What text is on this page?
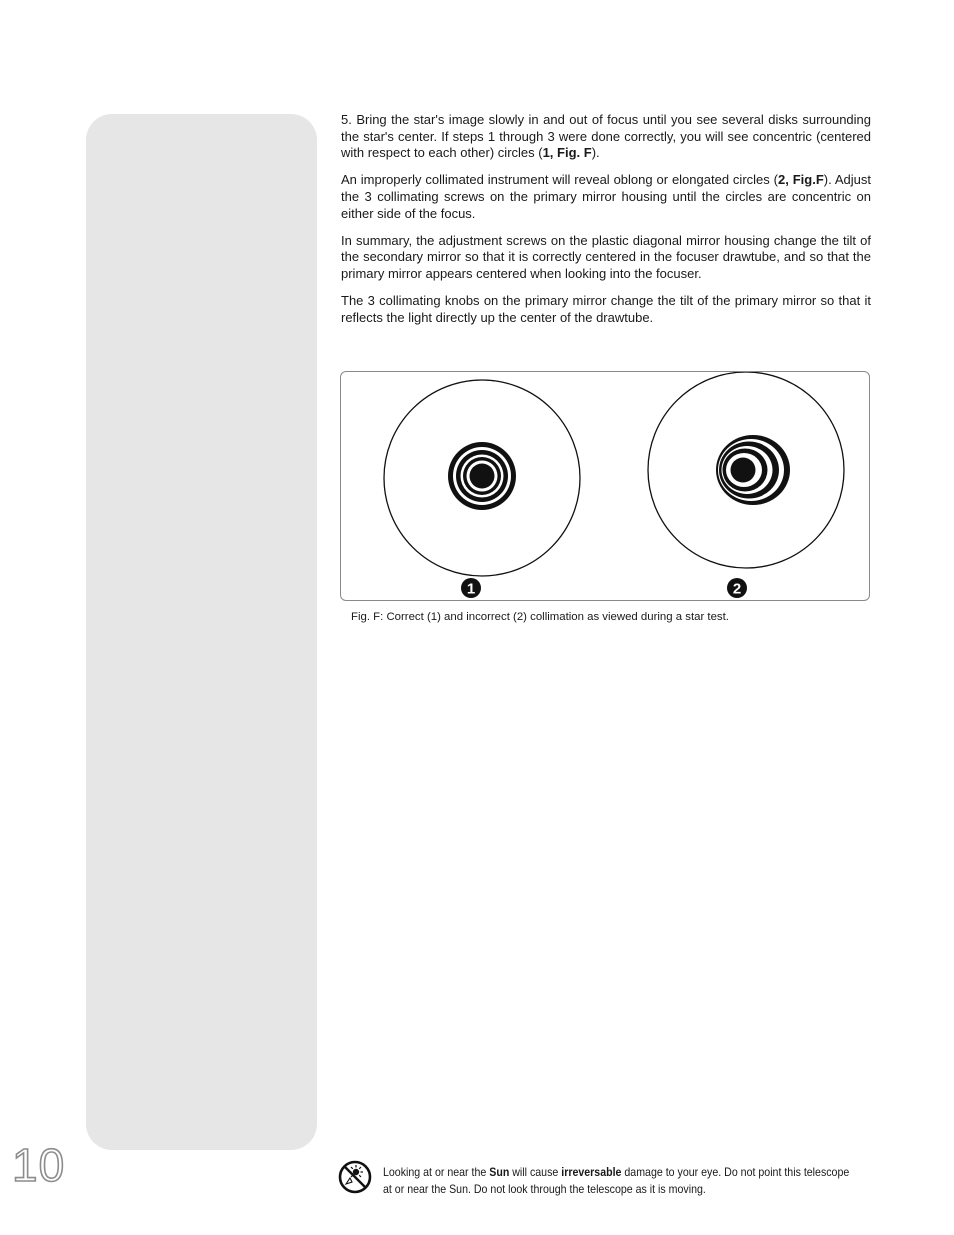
10

5. Bring the star's image slowly in and out of focus until you see several disks surrounding the star's center. If steps 1 through 3 were done correctly, you will see concentric (centered with respect to each other) circles (1, Fig. F).

An improperly collimated instrument will reveal oblong or elongated circles (2, Fig.F). Adjust the 3 collimating screws on the primary mirror housing until the circles are concentric on either side of the focus.

In summary, the adjustment screws on the plastic diagonal mirror housing change the tilt of the secondary mirror so that it is correctly centered in the focuser drawtube, and so that the primary mirror appears centered when looking into the focuser.

The 3 collimating knobs on the primary mirror change the tilt of the primary mirror so that it reflects the light directly up the center of the drawtube.

1	2
Fig. F: Correct (1) and incorrect (2) collimation as viewed during a star test.
Looking at or near the Sun will cause irreversable damage to your eye. Do not point this telescope at or near the Sun. Do not look through the telescope as it is moving.
